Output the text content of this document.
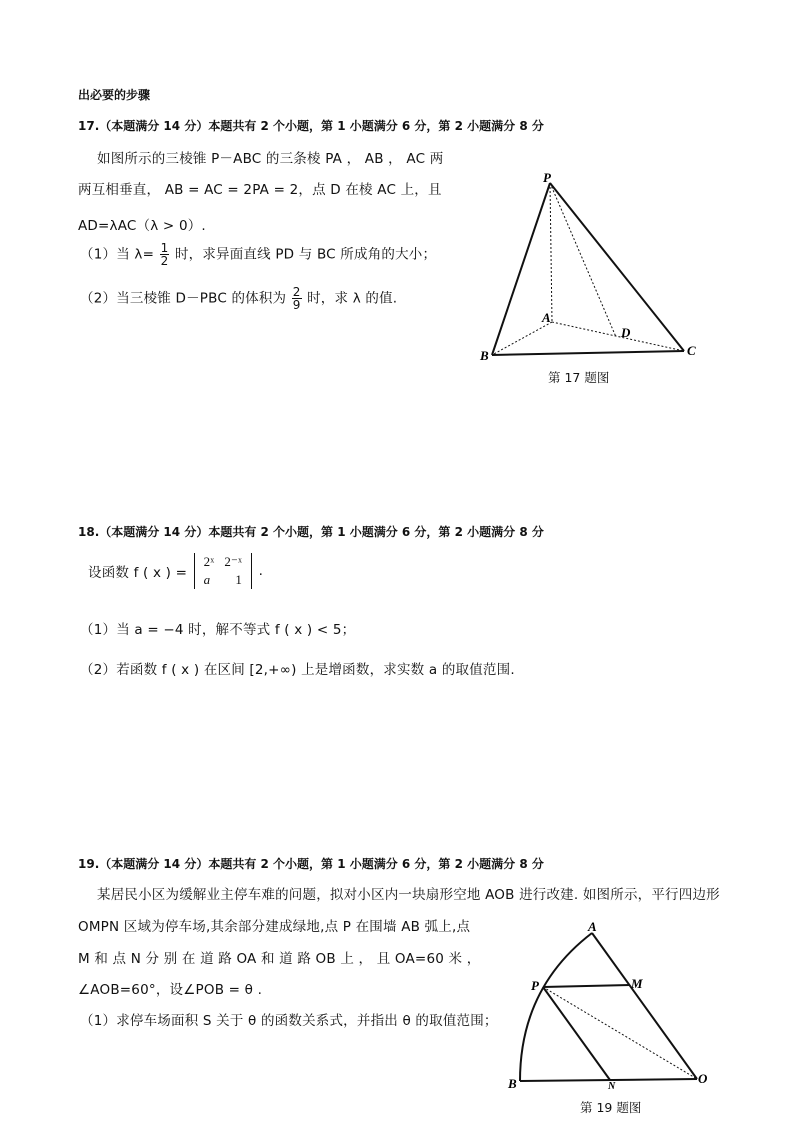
出必要的步骤
17.（本题满分 14 分）本题共有 2 个小题，第 1 小题满分 6 分，第 2 小题满分 8 分
如图所示的三棱锥 P－ABC 的三条棱 PA ， AB ， AC 两
两互相垂直， AB = AC = 2PA = 2，点 D 在棱 AC 上，且
AD=λAC（λ > 0）.
（1）当 $\lambda= \frac{1}{2}$ 时，求异面直线 PD 与 BC 所成角的大小；
（2）当三棱锥 D－PBC 的体积为 $\frac{2}{9}$ 时，求 λ 的值.
P
A
B	C
D
第 17 题图
18.（本题满分 14 分）本题共有 2 个小题，第 1 小题满分 6 分，第 2 小题满分 8 分
设函数 f ( x ) =
2ˣ	2⁻ˣ
a	1
.
（1）当 a = −4 时，解不等式 f ( x ) < 5；
（2）若函数 f ( x ) 在区间 [2,+∞) 上是增函数，求实数 a 的取值范围.
19.（本题满分 14 分）本题共有 2 个小题，第 1 小题满分 6 分，第 2 小题满分 8 分
某居民小区为缓解业主停车难的问题，拟对小区内一块扇形空地 AOB 进行改建. 如图所示，平行四边形
OMPN 区域为停车场,其余部分建成绿地,点 P 在围墙 AB 弧上,点
M 和 点 N 分 别 在 道 路 OA 和 道 路 OB 上 ， 且 OA=60 米 ，
∠AOB=60°，设∠POB = θ .
（1）求停车场面积 S 关于 θ 的函数关系式，并指出 θ 的取值范围；
A
B	O
P	M
N
第 19 题图
